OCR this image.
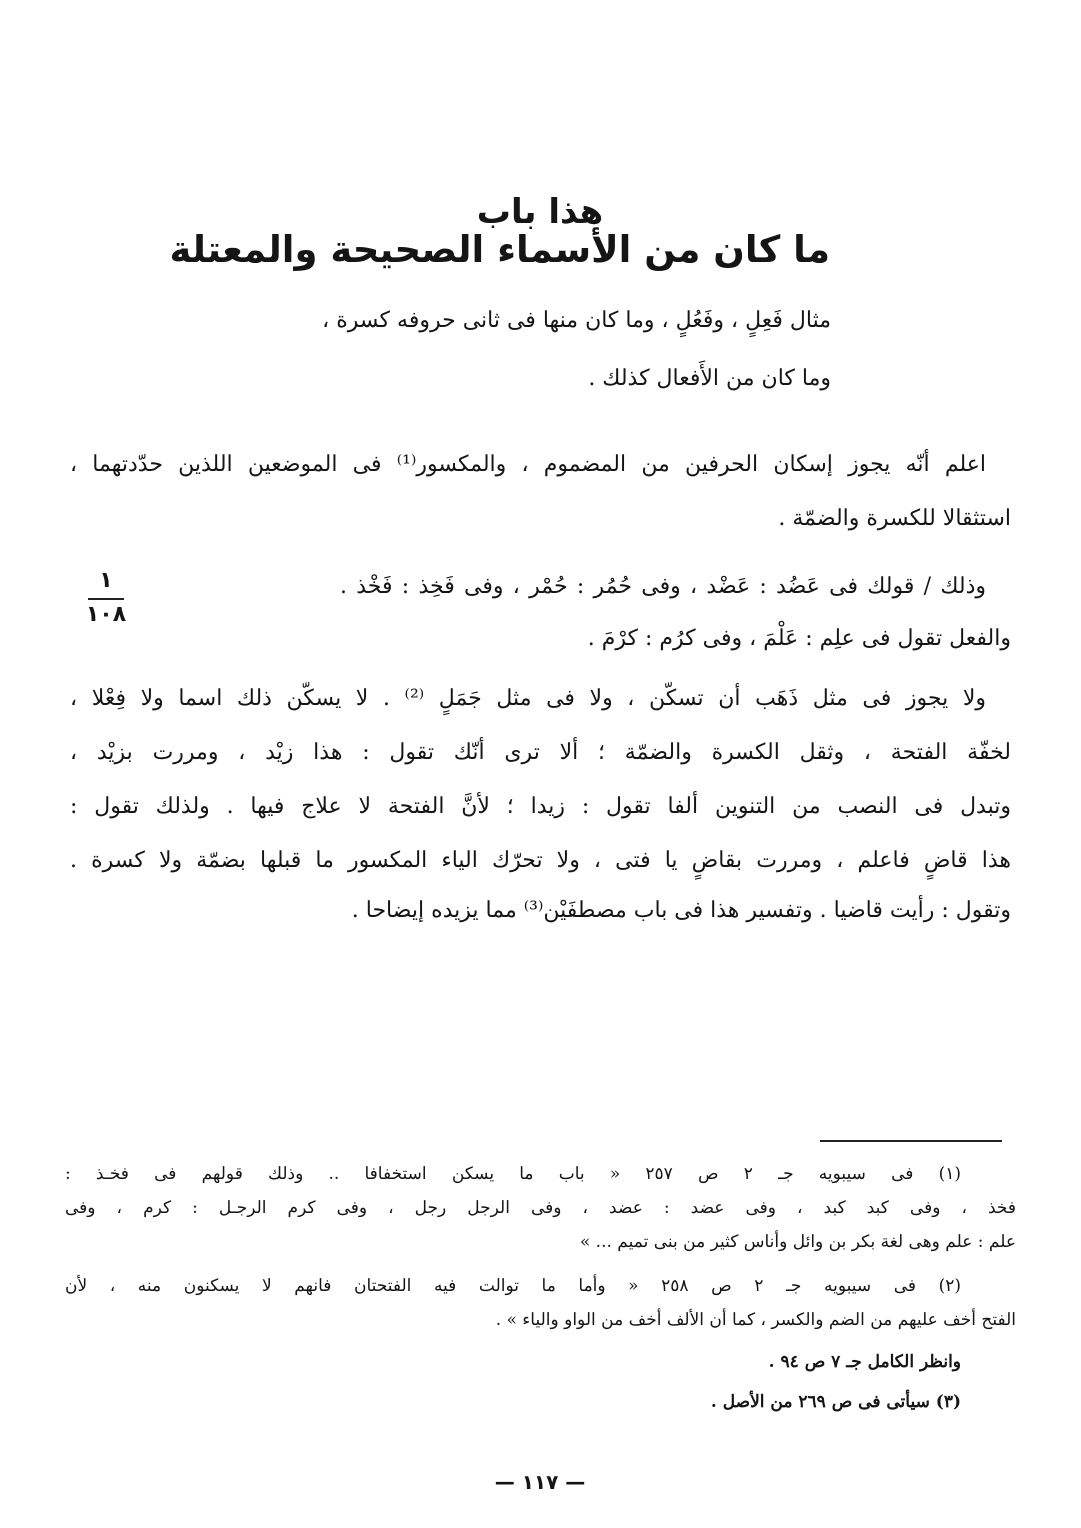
هذا باب
ما كان من الأسماء الصحيحة والمعتلة
مثال فَعِلٍ ، وفَعُلٍ ، وما كان منها فى ثانى حروفه كسرة ،
وما كان من الأَفعال كذلك .
اعلم أنّه يجوز إسكان الحرفين من المضموم ، والمكسور⁽¹⁾ فى الموضعين اللذين حدّدتهما ،
استثقالا للكسرة والضمّة .
وذلك / قولك فى عَضُد : عَضْد ، وفى حُمُر : حُمْر ، وفى فَخِذ : فَخْذ .
والفعل تقول فى علِم : عَلْمَ ، وفى كرُم : كرْمَ .
ولا يجوز فى مثل ذَهَب أن تسكّن ، ولا فى مثل جَمَلٍ ⁽²⁾ . لا يسكّن ذلك اسما ولا فِعْلا ،
لخفّة الفتحة ، وثقل الكسرة والضمّة ؛ ألا ترى أنّك تقول : هذا زيْد ، ومررت بزيْد ،
وتبدل فى النصب من التنوين ألفا تقول : زيدا ؛ لأنَّ الفتحة لا علاج فيها . ولذلك تقول :
هذا قاضٍ فاعلم ، ومررت بقاضٍ يا فتى ، ولا تحرّك الياء المكسور ما قبلها بضمّة ولا كسرة .
وتقول : رأيت قاضيا . وتفسير هذا فى باب مصطفَيْن⁽³⁾ مما يزيده إيضاحا .
١
١٠٨
(١) فى سيبويه جـ ٢ ص ٢٥٧ « باب ما يسكن استخفافا .. وذلك قولهم فى فخـذ :
فخذ ، وفى كبد كبد ، وفى عضد : عضد ، وفى الرجل رجل ، وفى كرم الرجـل : كرم ، وفى
علم : علم وهى لغة بكر بن وائل وأناس كثير من بنى تميم ... »
(٢) فى سيبويه جـ ٢ ص ٢٥٨ « وأما ما توالت فيه الفتحتان فانهم لا يسكنون منه ، لأن
الفتح أخف عليهم من الضم والكسر ، كما أن الألف أخف من الواو والياء » .
وانظر الكامل جـ ٧ ص ٩٤ .
(٣) سيأتى فى ص ٢٦٩ من الأصل .
— ١١٧ —
